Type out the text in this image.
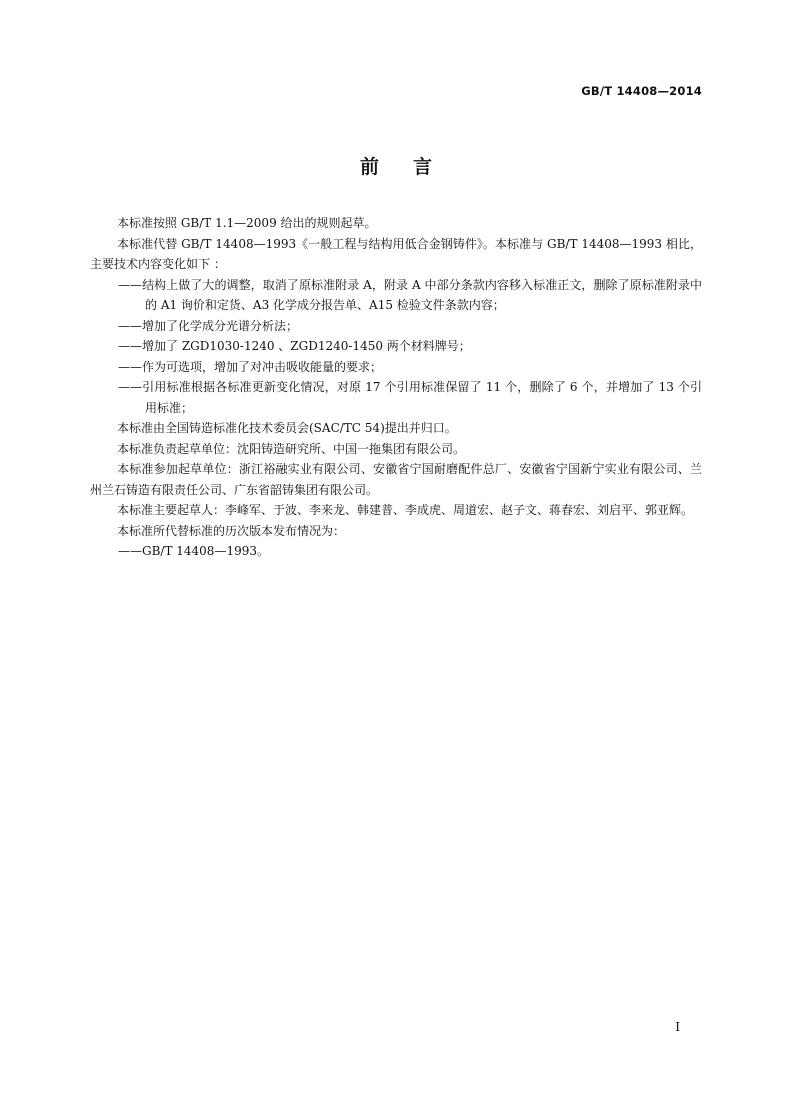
GB/T 14408—2014
前言

本标准按照 GB/T 1.1—2009 给出的规则起草。

本标准代替 GB/T 14408—1993《一般工程与结构用低合金钢铸件》。本标准与 GB/T 14408—1993 相比，主要技术内容变化如下 ：

——结构上做了大的调整，取消了原标准附录 A，附录 A 中部分条款内容移入标准正文，删除了原标准附录中的 A1 询价和定货、A3 化学成分报告单、A15 检验文件条款内容；

——增加了化学成分光谱分析法；

——增加了 ZGD1030-1240 、ZGD1240-1450 两个材料牌号；

——作为可选项，增加了对冲击吸收能量的要求；

——引用标准根据各标准更新变化情况，对原 17 个引用标准保留了 11 个，删除了 6 个，并增加了 13 个引用标准；

本标准由全国铸造标准化技术委员会(SAC/TC 54)提出并归口。

本标准负责起草单位：沈阳铸造研究所、中国一拖集团有限公司。

本标准参加起草单位：浙江裕融实业有限公司、安徽省宁国耐磨配件总厂、安徽省宁国新宁实业有限公司、兰州兰石铸造有限责任公司、广东省韶铸集团有限公司。

本标准主要起草人：李峰军、于波、李来龙、韩建普、李成虎、周道宏、赵子文、蒋春宏、刘启平、郭亚辉。

本标准所代替标准的历次版本发布情况为：

——GB/T 14408—1993。

I
